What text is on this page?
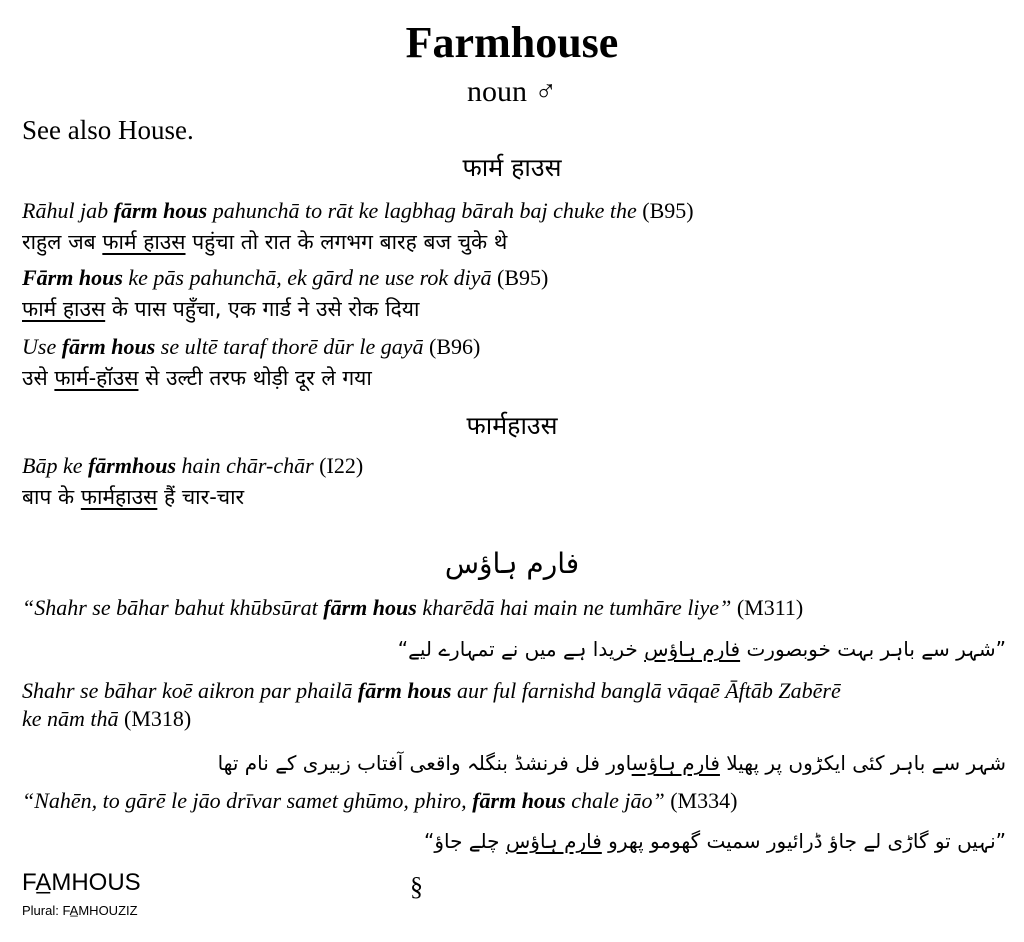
Farmhouse
noun ♂
See also House.
फार्म हाउस
Rāhul jab fārm hous pahunchā to rāt ke lagbhag bārah baj chuke the (B95)
राहुल जब फार्म हाउस पहुंचा तो रात के लगभग बारह बज चुके थे
Fārm hous ke pās pahunchā, ek gārd ne use rok diyā (B95)
फार्म हाउस के पास पहुँचा, एक गार्ड ने उसे रोक दिया
Use fārm hous se ultē taraf thorē dūr le gayā (B96)
उसे फार्म-हॉउस से उल्टी तरफ थोड़ी दूर ले गया
फार्महाउस
Bāp ke fārmhous hain chār-chār (I22)
बाप के फार्महाउस हैं चार-चार
فارم ہاؤس
“Shahr se bāhar bahut khūbsūrat fārm hous kharēdā hai main ne tumhāre liye” (M311)
”شہر سے باہر بہت خوبصورت فارم ہاؤس خریدا ہے میں نے تمہارے لیے“
Shahr se bāhar koē aikron par phailā fārm hous aur ful farnishd banglā vāqaē Āftāb Zabērē
ke nām thā (M318)
شہر سے باہر کئی ایکڑوں پر پھیلا فارم ہاؤساور فل فرنشڈ بنگلہ واقعی آفتاب زبیری کے نام تھا
“Nahēn, to gārē le jāo drīvar samet ghūmo, phiro, fārm hous chale jāo” (M334)
”نہیں تو گاڑی لے جاؤ ڈرائیور سمیت گھومو پھرو فارم ہاؤس چلے جاؤ“
FA̲MHOUS
Plural: FA̲MHOUZIZ
§
